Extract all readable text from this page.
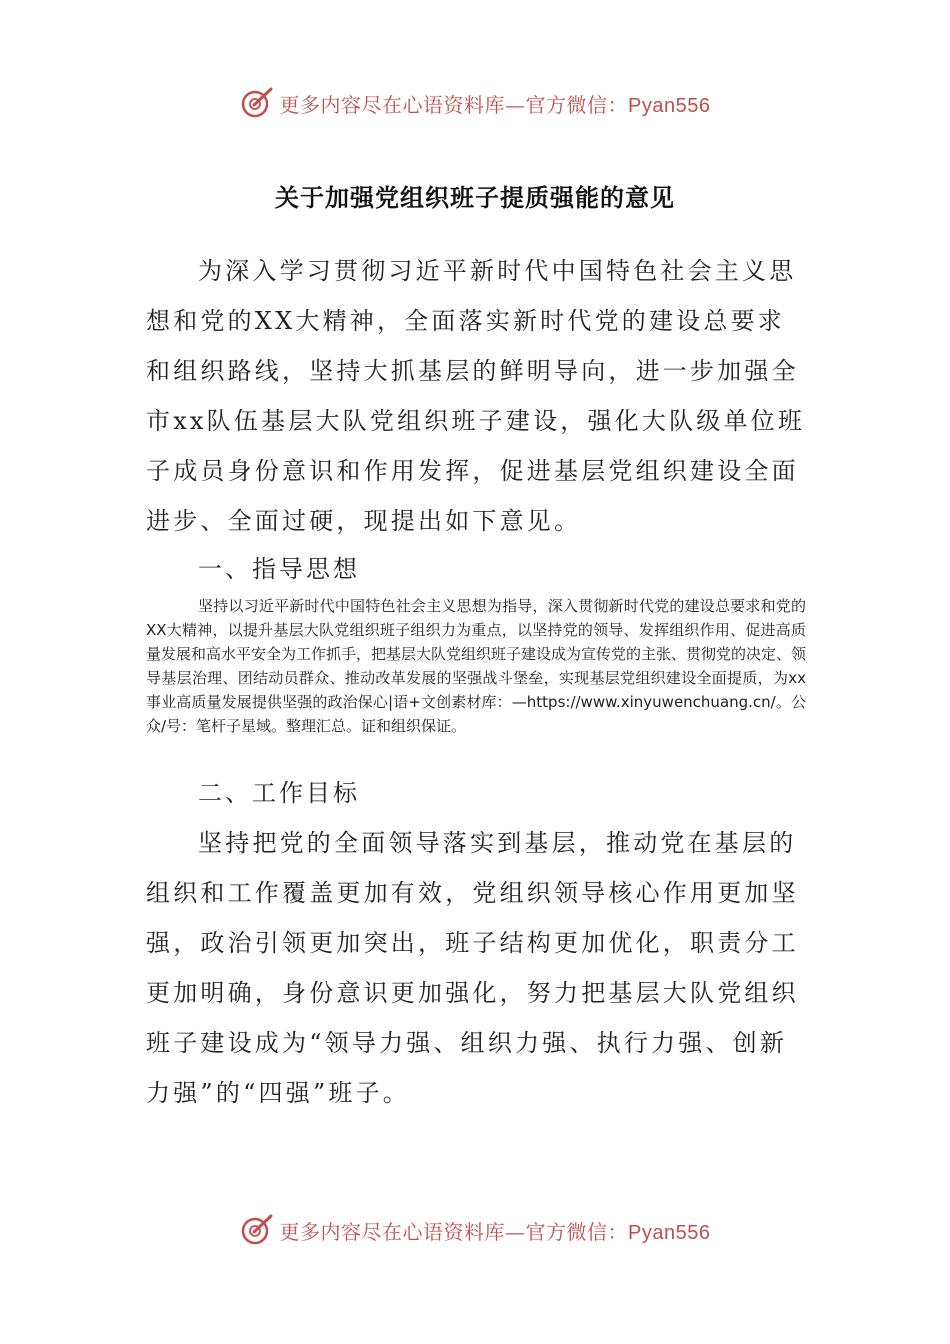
更多内容尽在心语资料库—官方微信：Pyan556
关于加强党组织班子提质强能的意见
为深入学习贯彻习近平新时代中国特色社会主义思想和党的XX大精神，全面落实新时代党的建设总要求和组织路线，坚持大抓基层的鲜明导向，进一步加强全市xx队伍基层大队党组织班子建设，强化大队级单位班子成员身份意识和作用发挥，促进基层党组织建设全面进步、全面过硬，现提出如下意见。
一、指导思想
坚持以习近平新时代中国特色社会主义思想为指导，深入贯彻新时代党的建设总要求和党的XX大精神，以提升基层大队党组织班子组织力为重点，以坚持党的领导、发挥组织作用、促进高质量发展和高水平安全为工作抓手，把基层大队党组织班子建设成为宣传党的主张、贯彻党的决定、领导基层治理、团结动员群众、推动改革发展的坚强战斗堡垒，实现基层党组织建设全面提质，为xx事业高质量发展提供坚强的政治保心|语+文创素材库：—https://www.xinyuwenchuang.cn/。公众/号：笔杆子星域。整理汇总。证和组织保证。
二、工作目标
坚持把党的全面领导落实到基层，推动党在基层的组织和工作覆盖更加有效，党组织领导核心作用更加坚强，政治引领更加突出，班子结构更加优化，职责分工更加明确，身份意识更加强化，努力把基层大队党组织班子建设成为“领导力强、组织力强、执行力强、创新力强”的“四强”班子。
更多内容尽在心语资料库—官方微信：Pyan556
